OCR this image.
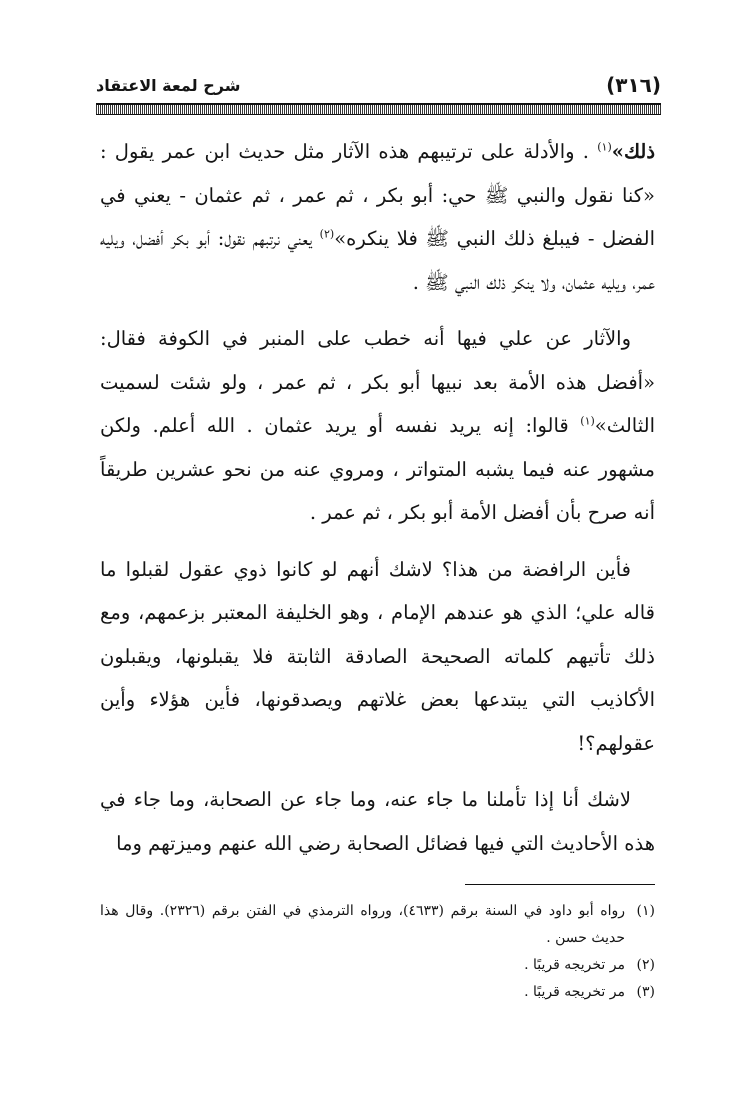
(٣١٦)
شرح لمعة الاعتقاد

ذلك»$^{(١)}$ . والأدلة على ترتيبهم هذه الآثار مثل حديث ابن عمر يقول : «كنا نقول والنبي ﷺ حي: أبو بكر ، ثم عمر ، ثم عثمان - يعني في الفضل - فيبلغ ذلك النبي ﷺ فلا ينكره»$^{(٢)}$ يعني نرتبهم نقول: أبو بكر أفضل، ويليه عمر، ويليه عثمان، ولا ينكر ذلك النبي ﷺ .

والآثار عن علي فيها أنه خطب على المنبر في الكوفة فقال: «أفضل هذه الأمة بعد نبيها أبو بكر ، ثم عمر ، ولو شئت لسميت الثالث»$^{(١)}$ قالوا: إنه يريد نفسه أو يريد عثمان . الله أعلم. ولكن مشهور عنه فيما يشبه المتواتر ، ومروي عنه من نحو عشرين طريقاً أنه صرح بأن أفضل الأمة أبو بكر ، ثم عمر .

فأين الرافضة من هذا؟ لاشك أنهم لو كانوا ذوي عقول لقبلوا ما قاله علي؛ الذي هو عندهم الإمام ، وهو الخليفة المعتبر بزعمهم، ومع ذلك تأتيهم كلماته الصحيحة الصادقة الثابتة فلا يقبلونها، ويقبلون الأكاذيب التي يبتدعها بعض غلاتهم ويصدقونها، فأين هؤلاء وأين عقولهم؟!

لاشك أنا إذا تأملنا ما جاء عنه، وما جاء عن الصحابة، وما جاء في هذه الأحاديث التي فيها فضائل الصحابة رضي الله عنهم وميزتهم وما

(١)
رواه أبو داود في السنة برقم (٤٦٣٣)، ورواه الترمذي في الفتن برقم (٢٣٢٦). وقال هذا حديث حسن .
(٢)
مر تخريجه قريبًا .
(٣)
مر تخريجه قريبًا .
